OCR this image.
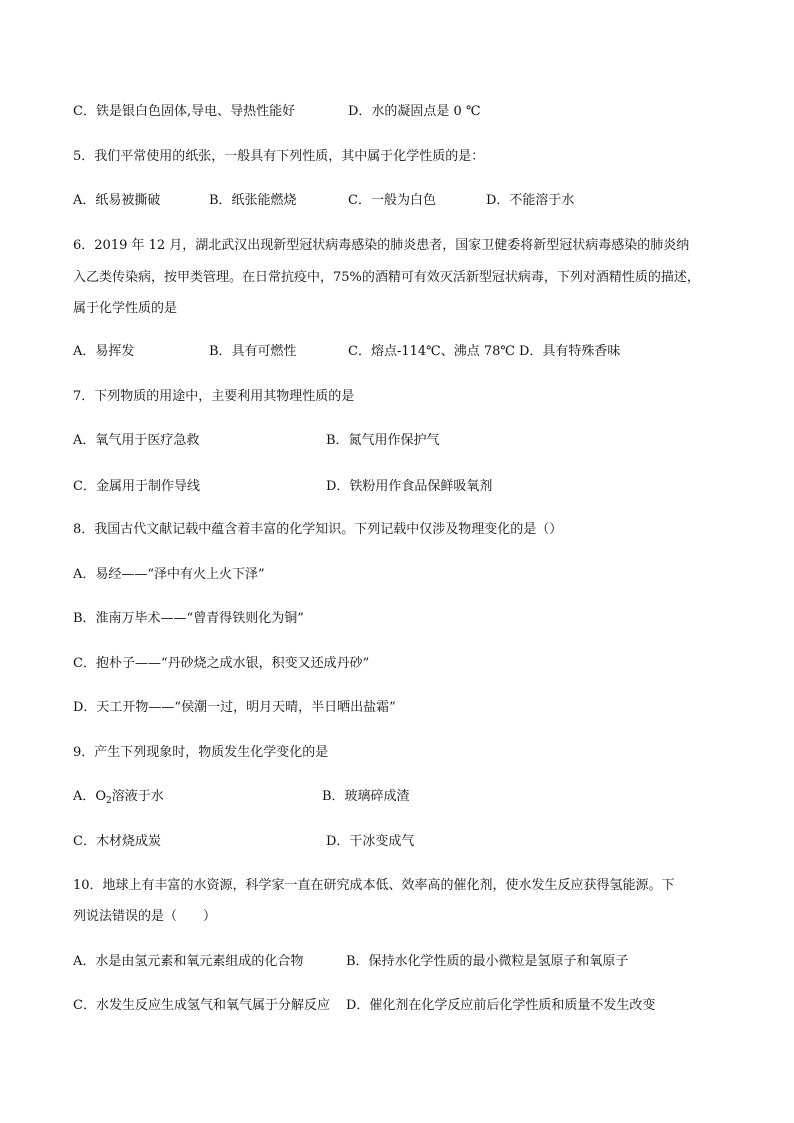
C．铁是银白色固体,导电、导热性能好	D．水的凝固点是 0 ℃
5．我们平常使用的纸张，一般具有下列性质，其中属于化学性质的是：
A．纸易被撕破	B．纸张能燃烧	C．一般为白色	D．不能溶于水
6．2019 年 12 月，湖北武汉出现新型冠状病毒感染的肺炎患者，国家卫健委将新型冠状病毒感染的肺炎纳
入乙类传染病，按甲类管理。在日常抗疫中，75%的酒精可有效灭活新型冠状病毒，下列对酒精性质的描述，
属于化学性质的是
A．易挥发	B．具有可燃性	C．熔点-114℃、沸点 78℃ D．具有特殊香味
7．下列物质的用途中，主要利用其物理性质的是
A．氧气用于医疗急救	B．氮气用作保护气
C．金属用于制作导线	D．铁粉用作食品保鲜吸氧剂
8．我国古代文献记载中蕴含着丰富的化学知识。下列记载中仅涉及物理变化的是（）
A．易经——“泽中有火上火下泽”
B．淮南万毕术——“曾青得铁则化为铜”
C．抱朴子——“丹砂烧之成水银，积变又还成丹砂”
D．天工开物——“侯潮一过，明月天晴，半日晒出盐霜”
9．产生下列现象时，物质发生化学变化的是
A．$O_2$溶液于水	B．玻璃碎成渣
C．木材烧成炭	D．干冰变成气
10．地球上有丰富的水资源，科学家一直在研究成本低、效率高的催化剂，使水发生反应获得氢能源。下
列说法错误的是（　　）
A．水是由氢元素和氧元素组成的化合物	B．保持水化学性质的最小微粒是氢原子和氧原子
C．水发生反应生成氢气和氧气属于分解反应 D．催化剂在化学反应前后化学性质和质量不发生改变
